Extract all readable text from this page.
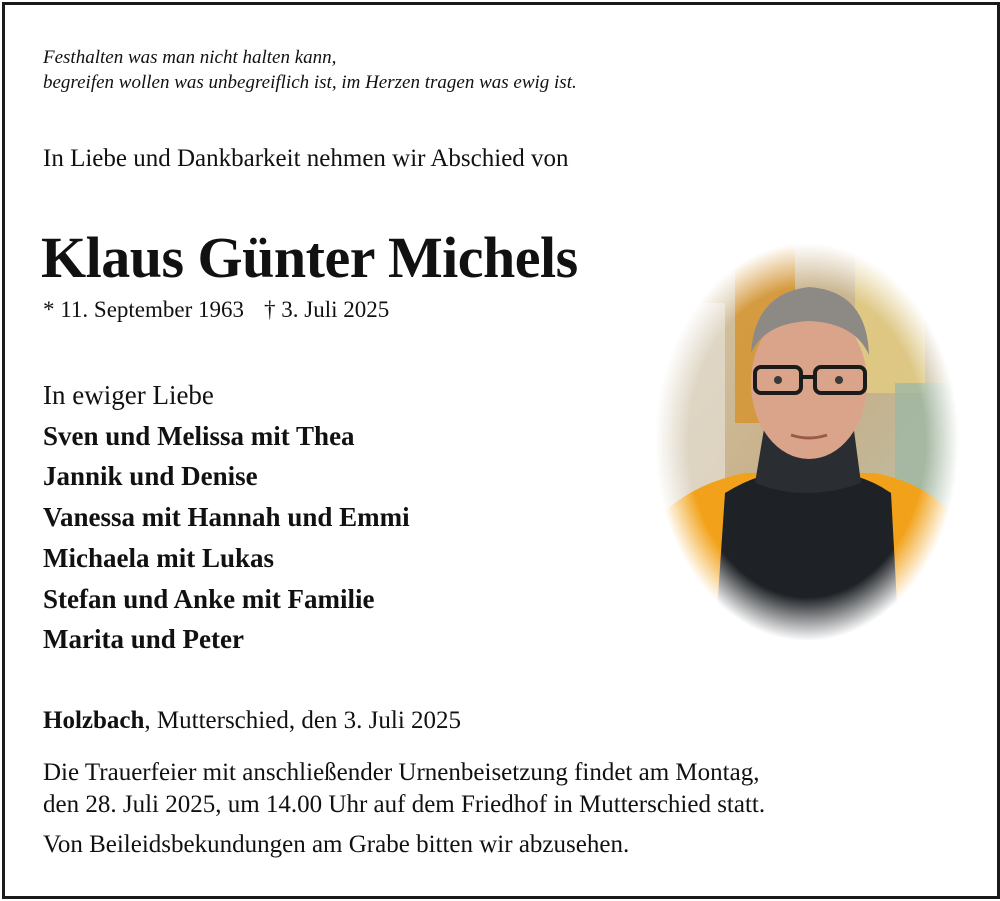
Festhalten was man nicht halten kann,
begreifen wollen was unbegreiflich ist, im Herzen tragen was ewig ist.
In Liebe und Dankbarkeit nehmen wir Abschied von
Klaus Günter Michels
* 11. September 1963 † 3. Juli 2025
In ewiger Liebe
Sven und Melissa mit Thea
Jannik und Denise
Vanessa mit Hannah und Emmi
Michaela mit Lukas
Stefan und Anke mit Familie
Marita und Peter
Holzbach, Mutterschied, den 3. Juli 2025
Die Trauerfeier mit anschließender Urnenbeisetzung findet am Montag,
den 28. Juli 2025, um 14.00 Uhr auf dem Friedhof in Mutterschied statt.
Von Beileidsbekundungen am Grabe bitten wir abzusehen.
